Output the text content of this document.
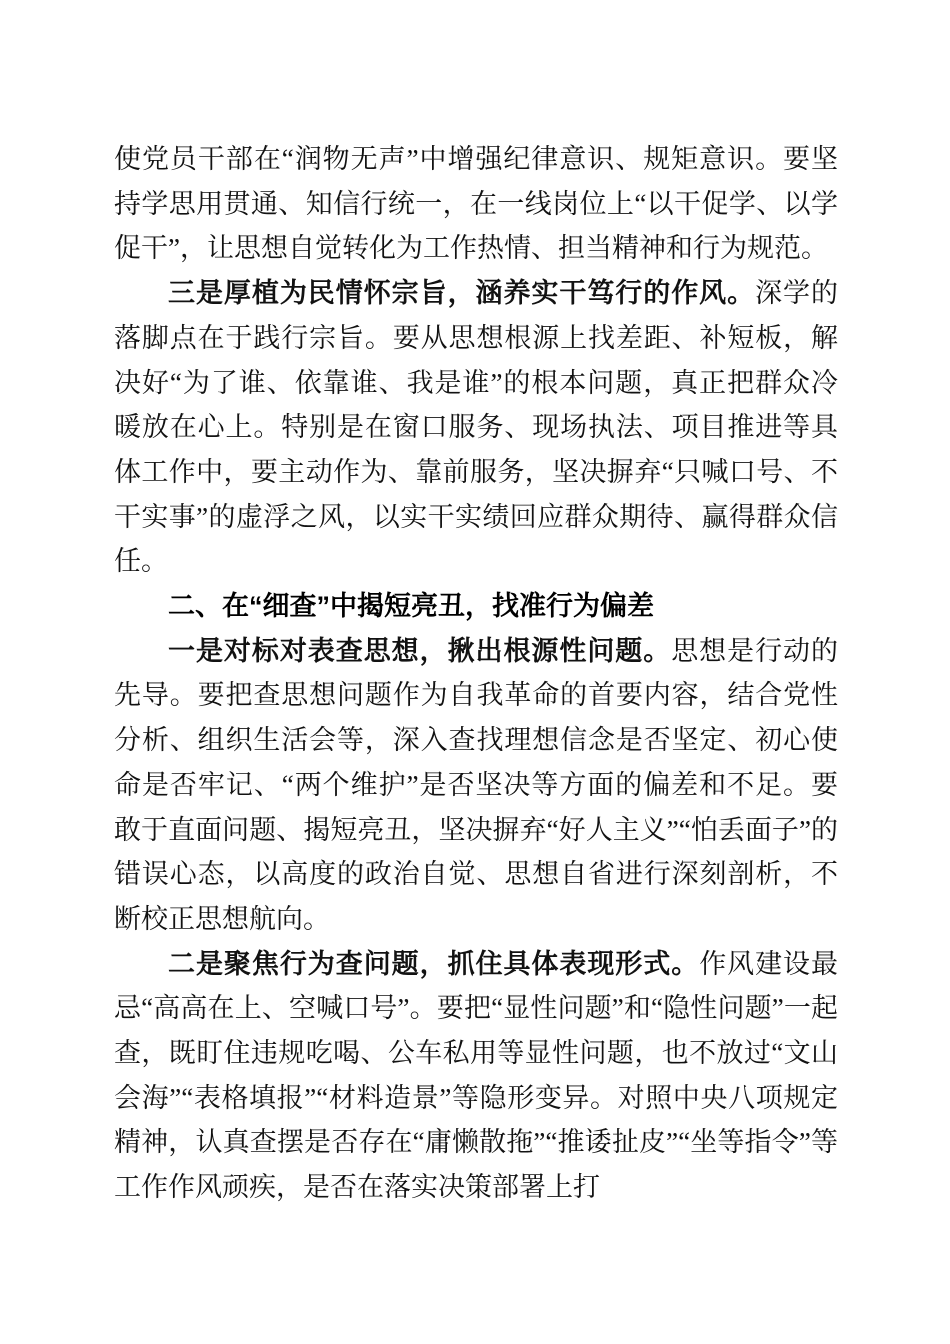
使党员干部在“润物无声”中增强纪律意识、规矩意识。要坚持学思用贯通、知信行统一，在一线岗位上“以干促学、以学促干”，让思想自觉转化为工作热情、担当精神和行为规范。

三是厚植为民情怀宗旨，涵养实干笃行的作风。深学的落脚点在于践行宗旨。要从思想根源上找差距、补短板，解决好“为了谁、依靠谁、我是谁”的根本问题，真正把群众冷暖放在心上。特别是在窗口服务、现场执法、项目推进等具体工作中，要主动作为、靠前服务，坚决摒弃“只喊口号、不干实事”的虚浮之风，以实干实绩回应群众期待、赢得群众信任。

二、在“细查”中揭短亮丑，找准行为偏差

一是对标对表查思想，揪出根源性问题。思想是行动的先导。要把查思想问题作为自我革命的首要内容，结合党性分析、组织生活会等，深入查找理想信念是否坚定、初心使命是否牢记、“两个维护”是否坚决等方面的偏差和不足。要敢于直面问题、揭短亮丑，坚决摒弃“好人主义”“怕丢面子”的错误心态，以高度的政治自觉、思想自省进行深刻剖析，不断校正思想航向。

二是聚焦行为查问题，抓住具体表现形式。作风建设最忌“高高在上、空喊口号”。要把“显性问题”和“隐性问题”一起查，既盯住违规吃喝、公车私用等显性问题，也不放过“文山会海”“表格填报”“材料造景”等隐形变异。对照中央八项规定精神，认真查摆是否存在“庸懒散拖”“推诿扯皮”“坐等指令”等工作作风顽疾，是否在落实决策部署上打
